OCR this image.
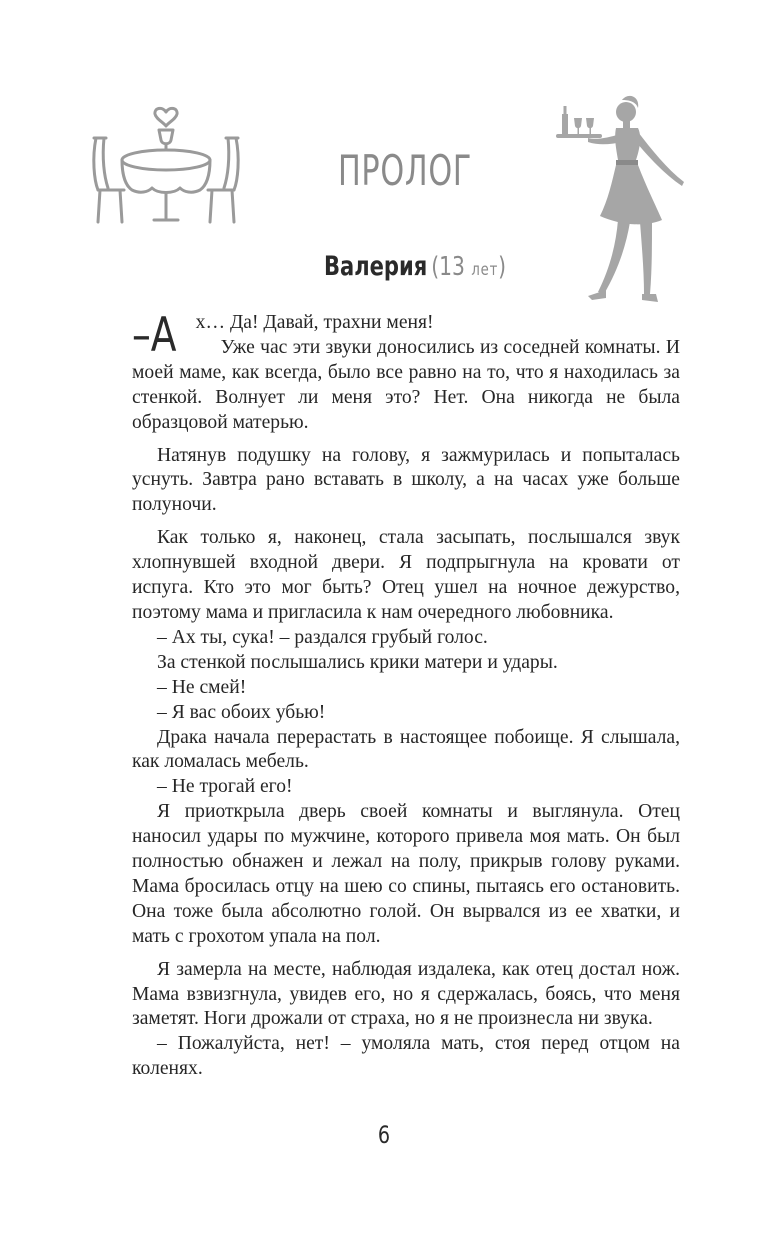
ПРОЛОГ
Валерия (13 лет)
–А х… Да! Давай, трахни меня!

Уже час эти звуки доносились из соседней комнаты. И моей маме, как всегда, было все равно на то, что я находилась за стенкой. Волнует ли меня это? Нет. Она никогда не была образцовой матерью.

Натянув подушку на голову, я зажмурилась и попыталась уснуть. Завтра рано вставать в школу, а на часах уже больше полуночи.

Как только я, наконец, стала засыпать, послышался звук хлопнувшей входной двери. Я подпрыгнула на кровати от испуга. Кто это мог быть? Отец ушел на ночное дежурство, поэтому мама и пригласила к нам очередного любовника.

– Ах ты, сука! – раздался грубый голос.

За стенкой послышались крики матери и удары.

– Не смей!

– Я вас обоих убью!

Драка начала перерастать в настоящее побоище. Я слышала, как ломалась мебель.

– Не трогай его!

Я приоткрыла дверь своей комнаты и выглянула. Отец наносил удары по мужчине, которого привела моя мать. Он был полностью обнажен и лежал на полу, прикрыв голову руками. Мама бросилась отцу на шею со спины, пытаясь его остановить. Она тоже была абсолютно голой. Он вырвался из ее хватки, и мать с грохотом упала на пол.

Я замерла на месте, наблюдая издалека, как отец достал нож. Мама взвизгнула, увидев его, но я сдержалась, боясь, что меня заметят. Ноги дрожали от страха, но я не произнесла ни звука.

– Пожалуйста, нет! – умоляла мать, стоя перед отцом на коленях.

6
